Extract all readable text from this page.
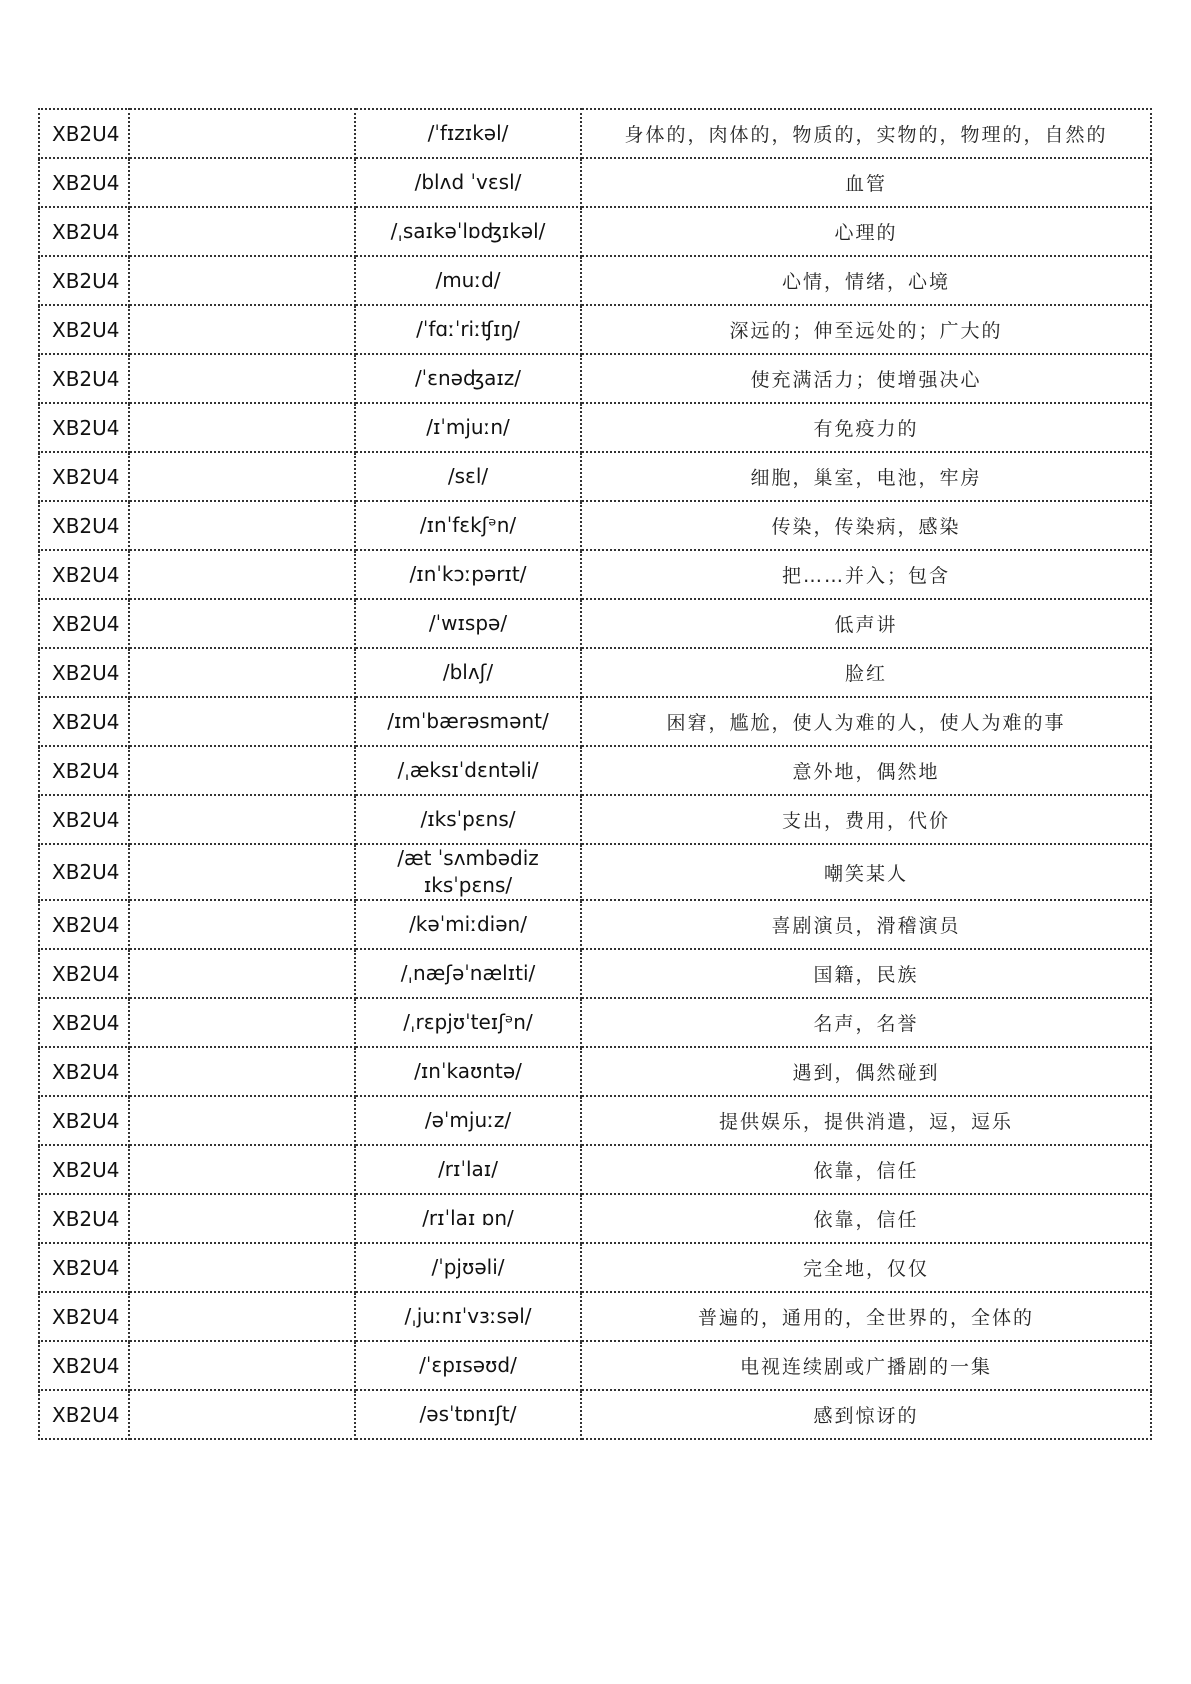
XB2U4		/ˈfɪzɪkəl/	身体的，肉体的，物质的，实物的，物理的，自然的
XB2U4		/blʌd ˈvɛsl/	血管
XB2U4		/ˌsaɪkəˈlɒʤɪkəl/	心理的
XB2U4		/muːd/	心情，情绪，心境
XB2U4		/ˈfɑːˈriːʧɪŋ/	深远的；伸至远处的；广大的
XB2U4		/ˈɛnəʤaɪz/	使充满活力；使增强决心
XB2U4		/ɪˈmjuːn/	有免疫力的
XB2U4		/sɛl/	细胞，巢室，电池，牢房
XB2U4		/ɪnˈfɛkʃᵊn/	传染，传染病，感染
XB2U4		/ɪnˈkɔːpərɪt/	把……并入；包含
XB2U4		/ˈwɪspə/	低声讲
XB2U4		/blʌʃ/	脸红
XB2U4		/ɪmˈbærəsmənt/	困窘，尴尬，使人为难的人，使人为难的事
XB2U4		/ˌæksɪˈdɛntəli/	意外地，偶然地
XB2U4		/ɪksˈpɛns/	支出，费用，代价
XB2U4		/æt ˈsʌmbədiz ɪksˈpɛns/	嘲笑某人
XB2U4		/kəˈmiːdiən/	喜剧演员，滑稽演员
XB2U4		/ˌnæʃəˈnælɪti/	国籍，民族
XB2U4		/ˌrɛpjʊˈteɪʃᵊn/	名声，名誉
XB2U4		/ɪnˈkaʊntə/	遇到，偶然碰到
XB2U4		/əˈmjuːz/	提供娱乐，提供消遣，逗，逗乐
XB2U4		/rɪˈlaɪ/	依靠，信任
XB2U4		/rɪˈlaɪ ɒn/	依靠，信任
XB2U4		/ˈpjʊəli/	完全地，仅仅
XB2U4		/ˌjuːnɪˈvɜːsəl/	普遍的，通用的，全世界的，全体的
XB2U4		/ˈɛpɪsəʊd/	电视连续剧或广播剧的一集
XB2U4		/əsˈtɒnɪʃt/	感到惊讶的
